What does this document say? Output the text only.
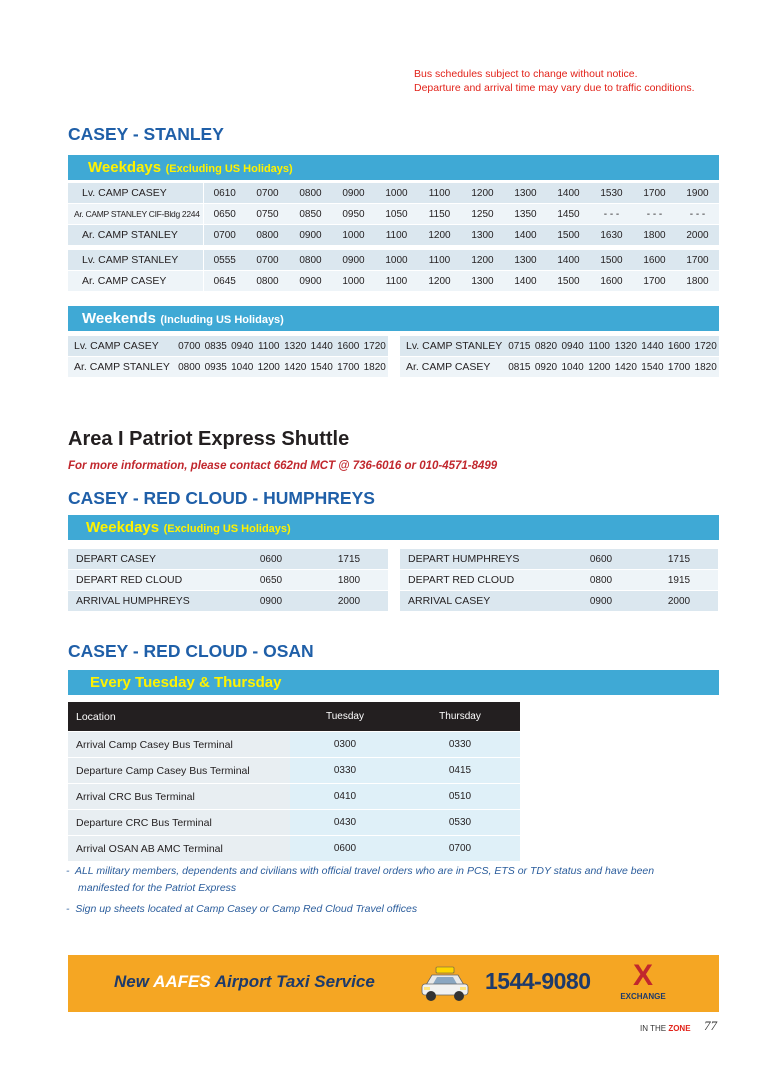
Bus schedules subject to change without notice.
Departure and arrival time may vary due to traffic conditions.
CASEY - STANLEY
Weekdays (Excluding US Holidays)
Lv. CAMP CASEY	0610	0700	0800	0900	1000	1100	1200	1300	1400	1530	1700	1900
Ar. CAMP STANLEY CIF-Bldg 2244	0650	0750	0850	0950	1050	1150	1250	1350	1450	- - -	- - -	- - -
Ar. CAMP STANLEY	0700	0800	0900	1000	1100	1200	1300	1400	1500	1630	1800	2000
Lv. CAMP STANLEY	0555	0700	0800	0900	1000	1100	1200	1300	1400	1500	1600	1700
Ar. CAMP CASEY	0645	0800	0900	1000	1100	1200	1300	1400	1500	1600	1700	1800
Weekends (Including US Holidays)
Lv. CAMP CASEY	0700	0835	0940	1100	1320	1440	1600	1720
Ar. CAMP STANLEY	0800	0935	1040	1200	1420	1540	1700	1820
Lv. CAMP STANLEY	0715	0820	0940	1100	1320	1440	1600	1720
Ar. CAMP CASEY	0815	0920	1040	1200	1420	1540	1700	1820
Area I Patriot Express Shuttle
For more information, please contact 662nd MCT @ 736-6016 or 010-4571-8499
CASEY - RED CLOUD - HUMPHREYS
Weekdays (Excluding US Holidays)
DEPART CASEY	0600	1715
DEPART RED CLOUD	0650	1800
ARRIVAL HUMPHREYS	0900	2000
DEPART HUMPHREYS	0600	1715
DEPART RED CLOUD	0800	1915
ARRIVAL CASEY	0900	2000
CASEY - RED CLOUD - OSAN
Every Tuesday & Thursday
Location	Tuesday	Thursday
Arrival Camp Casey Bus Terminal	0300	0330
Departure Camp Casey Bus Terminal	0330	0415
Arrival CRC Bus Terminal	0410	0510
Departure CRC Bus Terminal	0430	0530
Arrival OSAN AB AMC Terminal	0600	0700
- ALL military members, dependents and civilians with official travel orders who are in PCS, ETS or TDY status and have been
manifested for the Patriot Express
- Sign up sheets located at Camp Casey or Camp Red Cloud Travel offices
New AAFES Airport Taxi Service	1544-9080	X
EXCHANGE
IN THE ZONE 77
